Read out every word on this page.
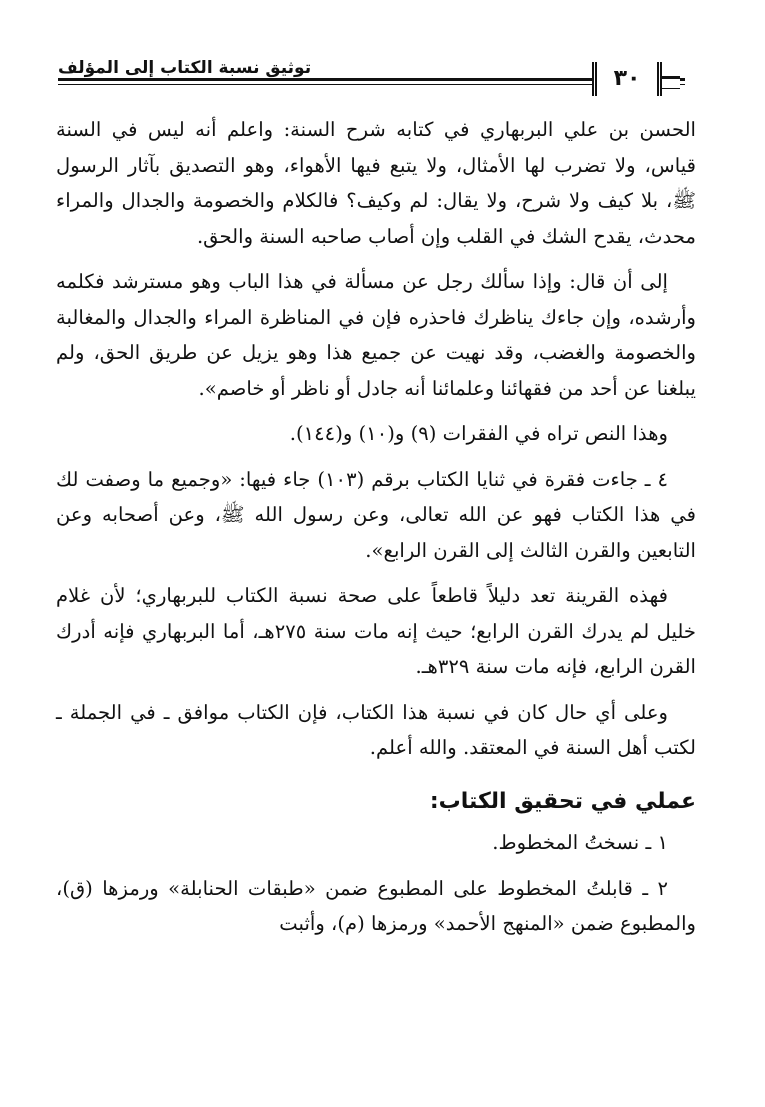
توثيق نسبة الكتاب إلى المؤلف	٣٠

الحسن بن علي البربهاري في كتابه شرح السنة: واعلم أنه ليس في السنة قياس، ولا تضرب لها الأمثال، ولا يتبع فيها الأهواء، وهو التصديق بآثار الرسول ﷺ، بلا كيف ولا شرح، ولا يقال: لم وكيف؟ فالكلام والخصومة والجدال والمراء محدث، يقدح الشك في القلب وإن أصاب صاحبه السنة والحق.

إلى أن قال: وإذا سألك رجل عن مسألة في هذا الباب وهو مسترشد فكلمه وأرشده، وإن جاءك يناظرك فاحذره فإن في المناظرة المراء والجدال والمغالبة والخصومة والغضب، وقد نهيت عن جميع هذا وهو يزيل عن طريق الحق، ولم يبلغنا عن أحد من فقهائنا وعلمائنا أنه جادل أو ناظر أو خاصم».

وهذا النص تراه في الفقرات (٩) و(١٠) و(١٤٤).

٤ ـ جاءت فقرة في ثنايا الكتاب برقم (١٠٣) جاء فيها: «وجميع ما وصفت لك في هذا الكتاب فهو عن الله تعالى، وعن رسول الله ﷺ، وعن أصحابه وعن التابعين والقرن الثالث إلى القرن الرابع».

فهذه القرينة تعد دليلاً قاطعاً على صحة نسبة الكتاب للبربهاري؛ لأن غلام خليل لم يدرك القرن الرابع؛ حيث إنه مات سنة ٢٧٥هـ، أما البربهاري فإنه أدرك القرن الرابع، فإنه مات سنة ٣٢٩هـ.

وعلى أي حال كان في نسبة هذا الكتاب، فإن الكتاب موافق ـ في الجملة ـ لكتب أهل السنة في المعتقد. والله أعلم.

عملي في تحقيق الكتاب:

١ ـ نسختُ المخطوط.

٢ ـ قابلتُ المخطوط على المطبوع ضمن «طبقات الحنابلة» ورمزها (ق)، والمطبوع ضمن «المنهج الأحمد» ورمزها (م)، وأثبت
